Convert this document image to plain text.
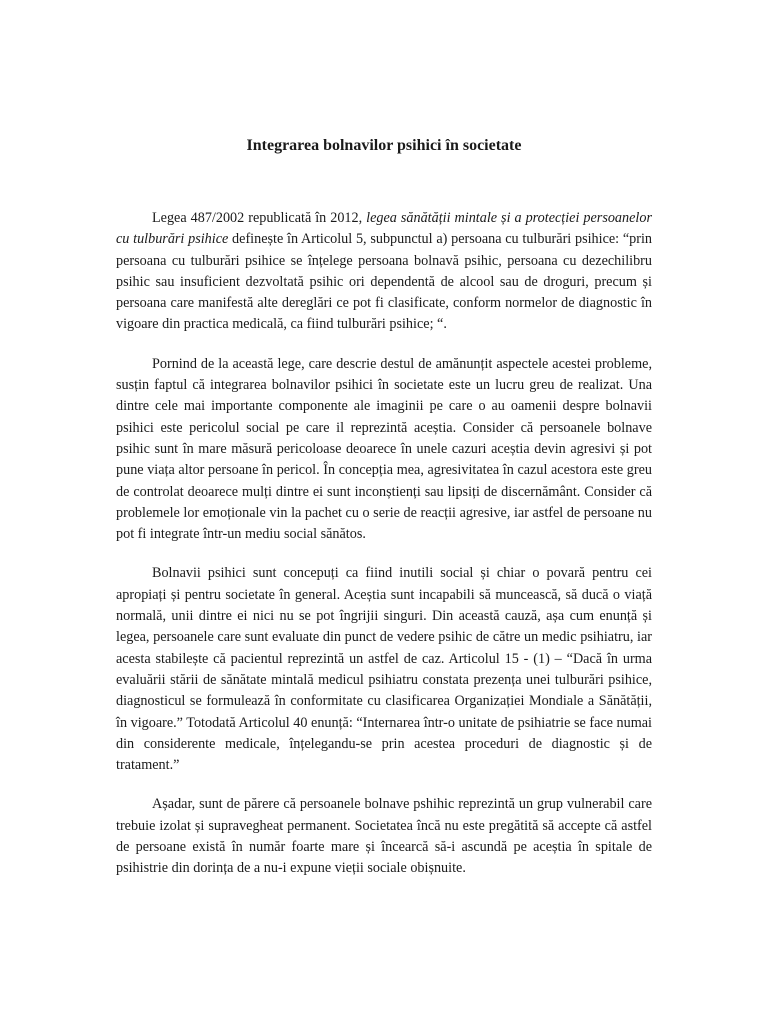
Integrarea bolnavilor psihici în societate

Legea 487/2002 republicată în 2012, legea sănătății mintale și a protecției persoanelor cu tulburări psihice definește în Articolul 5, subpunctul a) persoana cu tulburări psihice: “prin persoana cu tulburări psihice se înțelege persoana bolnavă psihic, persoana cu dezechilibru psihic sau insuficient dezvoltată psihic ori dependentă de alcool sau de droguri, precum și persoana care manifestă alte dereglări ce pot fi clasificate, conform normelor de diagnostic în vigoare din practica medicală, ca fiind tulburări psihice; “.

Pornind de la această lege, care descrie destul de amănunțit aspectele acestei probleme, susțin faptul că integrarea bolnavilor psihici în societate este un lucru greu de realizat. Una dintre cele mai importante componente ale imaginii pe care o au oamenii despre bolnavii psihici este pericolul social pe care il reprezintă aceștia. Consider că persoanele bolnave psihic sunt în mare măsură pericoloase deoarece în unele cazuri aceștia devin agresivi și pot pune viața altor persoane în pericol. În concepția mea, agresivitatea în cazul acestora este greu de controlat deoarece mulți dintre ei sunt inconștienți sau lipsiți de discernământ. Consider că problemele lor emoționale vin la pachet cu o serie de reacții agresive, iar astfel de persoane nu pot fi integrate într-un mediu social sănătos.

Bolnavii psihici sunt concepuți ca fiind inutili social și chiar o povară pentru cei apropiați și pentru societate în general. Aceștia sunt incapabili să muncească, să ducă o viață normală, unii dintre ei nici nu se pot îngrijii singuri. Din această cauză, așa cum enunță și legea, persoanele care sunt evaluate din punct de vedere psihic de către un medic psihiatru, iar acesta stabilește că pacientul reprezintă un astfel de caz. Articolul 15 - (1) – “Dacă în urma evaluării stării de sănătate mintală medicul psihiatru constata prezența unei tulburări psihice, diagnosticul se formulează în conformitate cu clasificarea Organizației Mondiale a Sănătății, în vigoare.” Totodată Articolul 40 enunță: “Internarea într-o unitate de psihiatrie se face numai din considerente medicale, înțelegandu-se prin acestea proceduri de diagnostic și de tratament.”

Așadar, sunt de părere că persoanele bolnave pshihic reprezintă un grup vulnerabil care trebuie izolat și supravegheat permanent. Societatea încă nu este pregătită să accepte că astfel de persoane există în număr foarte mare și încearcă să-i ascundă pe aceștia în spitale de psihistrie din dorința de a nu-i expune vieții sociale obișnuite.
